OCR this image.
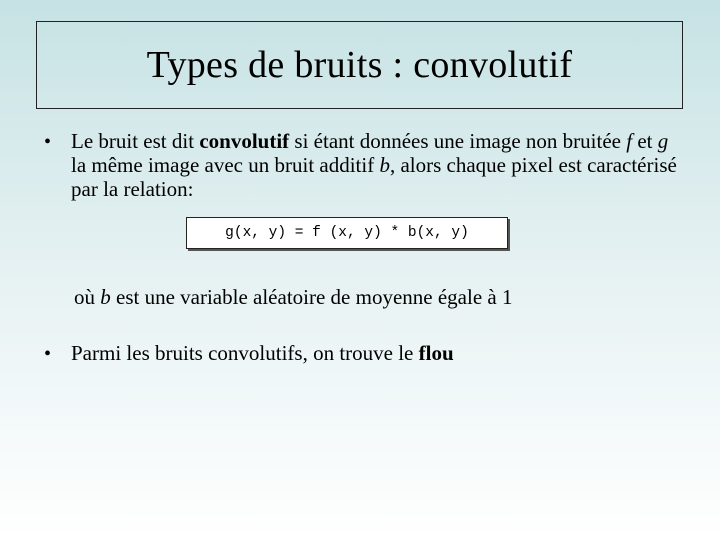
Types de bruits : convolutif
• Le bruit est dit convolutif si étant données une image non bruitée f et g la même image avec un bruit additif b, alors chaque pixel est caractérisé par la relation:
g(x, y) = f (x, y) * b(x, y)
où b est une variable aléatoire de moyenne égale à 1
• Parmi les bruits convolutifs, on trouve le flou
